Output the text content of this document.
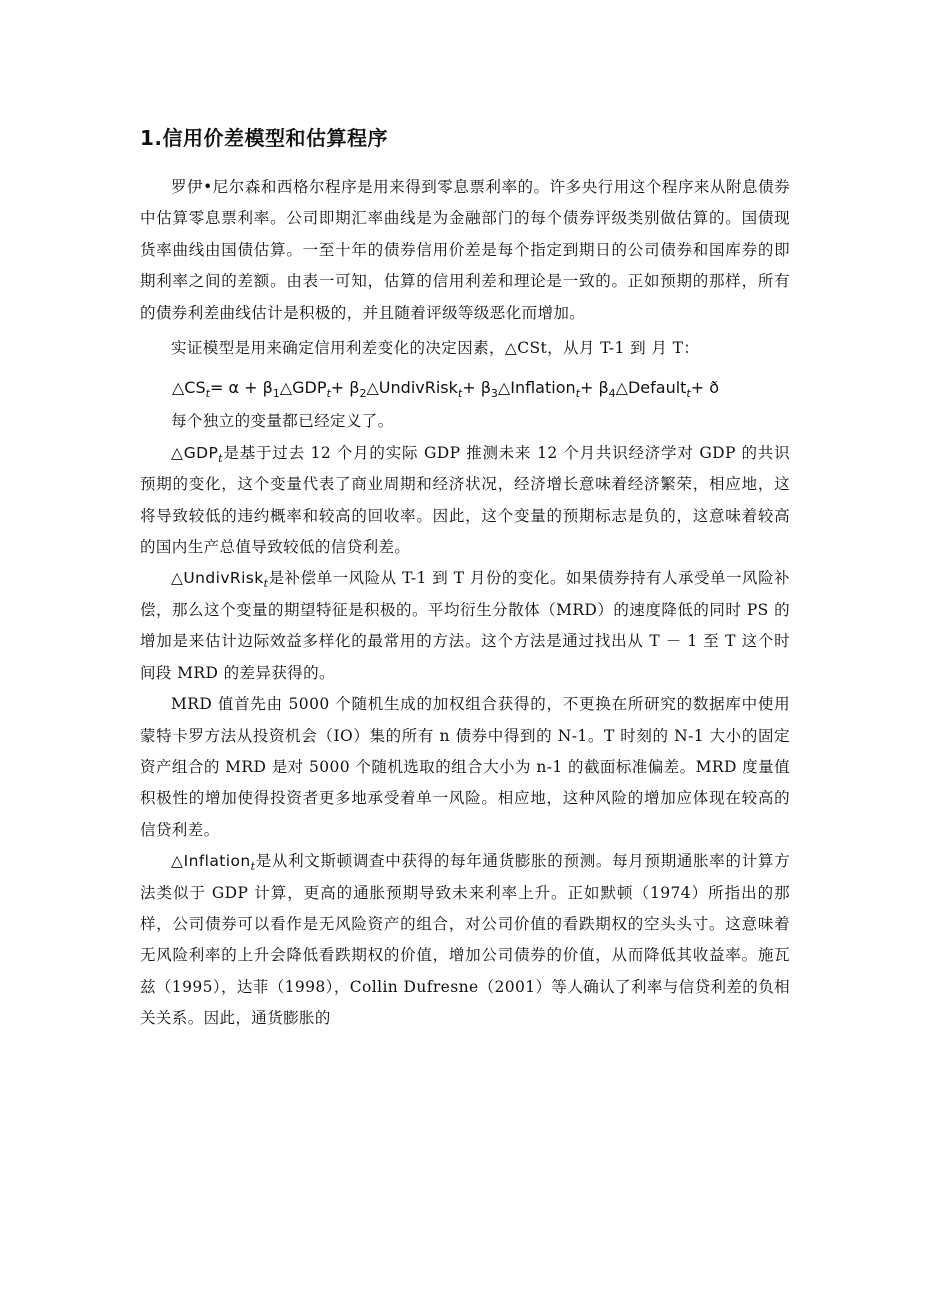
1.信用价差模型和估算程序

罗伊•尼尔森和西格尔程序是用来得到零息票利率的。许多央行用这个程序来从附息债券中估算零息票利率。公司即期汇率曲线是为金融部门的每个债券评级类别做估算的。国债现货率曲线由国债估算。一至十年的债券信用价差是每个指定到期日的公司债券和国库券的即期利率之间的差额。由表一可知，估算的信用利差和理论是一致的。正如预期的那样，所有的债券利差曲线估计是积极的，并且随着评级等级恶化而增加。

实证模型是用来确定信用利差变化的决定因素，△CSt，从月 T-1 到 月 T：

$\triangle CS_t= \alpha$ + $\beta_1\triangle GDP_t+$ $\beta_2\triangle UndivRisk_t+$ $\beta_3\triangle Inflation_t+$ $\beta_4\triangle Default_t+$ ð

每个独立的变量都已经定义了。

$\triangle GDP_t$是基于过去 12 个月的实际 GDP 推测未来 12 个月共识经济学对 GDP 的共识预期的变化，这个变量代表了商业周期和经济状况，经济增长意味着经济繁荣，相应地，这将导致较低的违约概率和较高的回收率。因此，这个变量的预期标志是负的，这意味着较高的国内生产总值导致较低的信贷利差。

△UndivRisk$_t$是补偿单一风险从 T-1 到 T 月份的变化。如果债券持有人承受单一风险补偿，那么这个变量的期望特征是积极的。平均衍生分散体（MRD）的速度降低的同时 PS 的增加是来估计边际效益多样化的最常用的方法。这个方法是通过找出从 T － 1 至 T 这个时间段 MRD 的差异获得的。

MRD 值首先由 5000 个随机生成的加权组合获得的，不更换在所研究的数据库中使用蒙特卡罗方法从投资机会（IO）集的所有 n 债券中得到的 N-1。T 时刻的 N-1 大小的固定资产组合的 MRD 是对 5000 个随机选取的组合大小为 n-1 的截面标准偏差。MRD 度量值积极性的增加使得投资者更多地承受着单一风险。相应地，这种风险的增加应体现在较高的信贷利差。

△Inflation$_t$是从利文斯顿调查中获得的每年通货膨胀的预测。每月预期通胀率的计算方法类似于 GDP 计算，更高的通胀预期导致未来利率上升。正如默顿（1974）所指出的那样，公司债券可以看作是无风险资产的组合，对公司价值的看跌期权的空头头寸。这意味着无风险利率的上升会降低看跌期权的价值，增加公司债券的价值，从而降低其收益率。施瓦兹（1995），达菲（1998），Collin Dufresne（2001）等人确认了利率与信贷利差的负相关关系。因此，通货膨胀的
